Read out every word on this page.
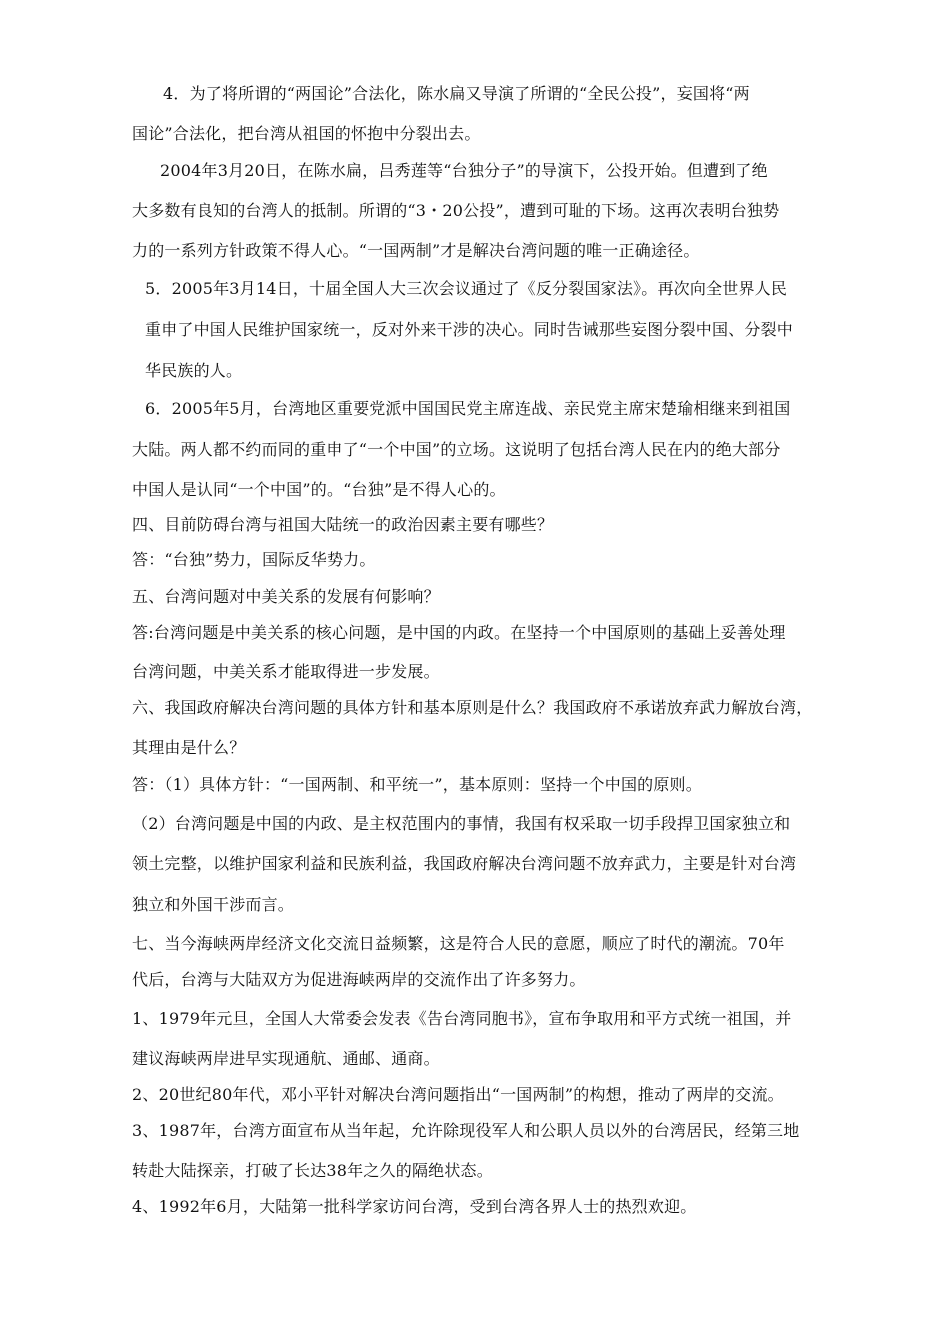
4．为了将所谓的“两国论”合法化，陈水扁又导演了所谓的“全民公投”，妄国将“两
国论”合法化，把台湾从祖国的怀抱中分裂出去。
2004年3月20日，在陈水扁，吕秀莲等“台独分子”的导演下，公投开始。但遭到了绝
大多数有良知的台湾人的抵制。所谓的“3・20公投”，遭到可耻的下场。这再次表明台独势
力的一系列方针政策不得人心。“一国两制”才是解决台湾问题的唯一正确途径。
5．2005年3月14日，十届全国人大三次会议通过了《反分裂国家法》。再次向全世界人民
重申了中国人民维护国家统一，反对外来干涉的决心。同时告诫那些妄图分裂中国、分裂中
华民族的人。
6．2005年5月，台湾地区重要党派中国国民党主席连战、亲民党主席宋楚瑜相继来到祖国
大陆。两人都不约而同的重申了“一个中国”的立场。这说明了包括台湾人民在内的绝大部分
中国人是认同“一个中国”的。“台独”是不得人心的。
四、目前防碍台湾与祖国大陆统一的政治因素主要有哪些？
答：“台独”势力，国际反华势力。
五、台湾问题对中美关系的发展有何影响？
答:台湾问题是中美关系的核心问题，是中国的内政。在坚持一个中国原则的基础上妥善处理
台湾问题，中美关系才能取得进一步发展。
六、我国政府解决台湾问题的具体方针和基本原则是什么？我国政府不承诺放弃武力解放台湾，
其理由是什么？
答：（1）具体方针：“一国两制、和平统一”，基本原则：坚持一个中国的原则。
（2）台湾问题是中国的内政、是主权范围内的事情，我国有权采取一切手段捍卫国家独立和
领土完整，以维护国家利益和民族利益，我国政府解决台湾问题不放弃武力，主要是针对台湾
独立和外国干涉而言。
七、当今海峡两岸经济文化交流日益频繁，这是符合人民的意愿，顺应了时代的潮流。70年
代后，台湾与大陆双方为促进海峡两岸的交流作出了许多努力。
1、1979年元旦，全国人大常委会发表《告台湾同胞书》，宣布争取用和平方式统一祖国，并
建议海峡两岸进早实现通航、通邮、通商。
2、20世纪80年代，邓小平针对解决台湾问题指出“一国两制”的构想，推动了两岸的交流。
3、1987年，台湾方面宣布从当年起，允许除现役军人和公职人员以外的台湾居民，经第三地
转赴大陆探亲，打破了长达38年之久的隔绝状态。
4、1992年6月，大陆第一批科学家访问台湾，受到台湾各界人士的热烈欢迎。
